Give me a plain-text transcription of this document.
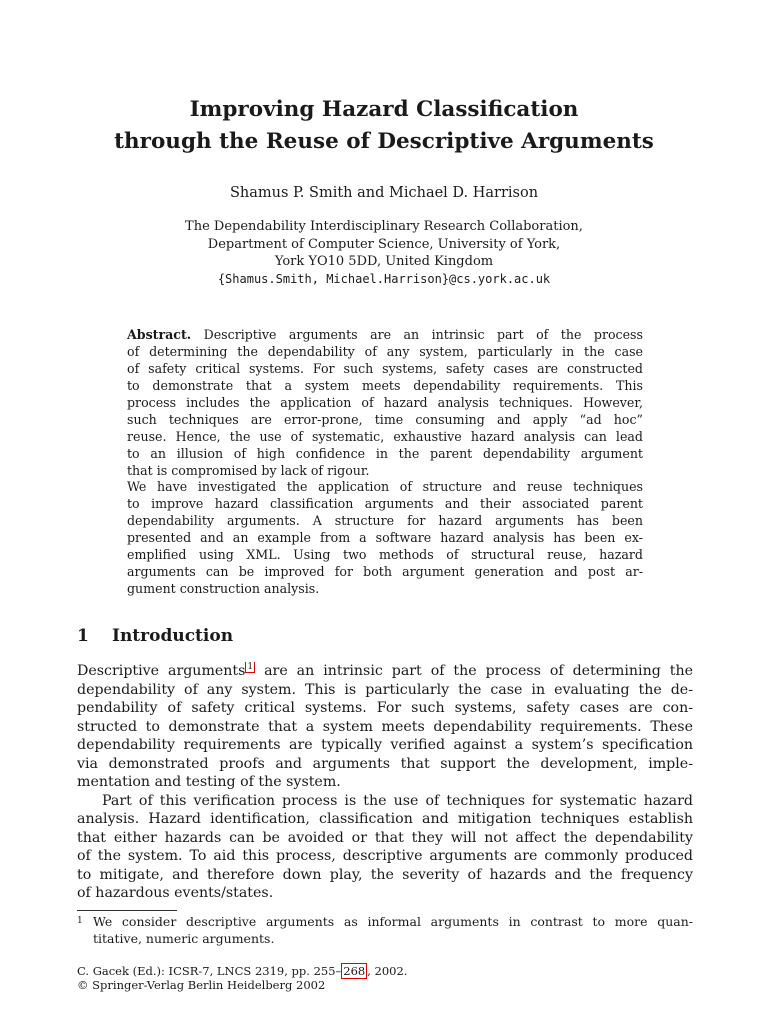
Improving Hazard Classification
through the Reuse of Descriptive Arguments
Shamus P. Smith and Michael D. Harrison
The Dependability Interdisciplinary Research Collaboration,
Department of Computer Science, University of York,
York YO10 5DD, United Kingdom
{Shamus.Smith, Michael.Harrison}@cs.york.ac.uk
Abstract. Descriptive arguments are an intrinsic part of the process
of determining the dependability of any system, particularly in the case
of safety critical systems. For such systems, safety cases are constructed
to demonstrate that a system meets dependability requirements. This
process includes the application of hazard analysis techniques. However,
such techniques are error-prone, time consuming and apply “ad hoc”
reuse. Hence, the use of systematic, exhaustive hazard analysis can lead
to an illusion of high confidence in the parent dependability argument
that is compromised by lack of rigour.
We have investigated the application of structure and reuse techniques
to improve hazard classification arguments and their associated parent
dependability arguments. A structure for hazard arguments has been
presented and an example from a software hazard analysis has been ex-
emplified using XML. Using two methods of structural reuse, hazard
arguments can be improved for both argument generation and post ar-
gument construction analysis.
1 Introduction
Descriptive arguments $^1$ are an intrinsic part of the process of determining the
dependability of any system. This is particularly the case in evaluating the de-
pendability of safety critical systems. For such systems, safety cases are con-
structed to demonstrate that a system meets dependability requirements. These
dependability requirements are typically verified against a system’s specification
via demonstrated proofs and arguments that support the development, imple-
mentation and testing of the system.
Part of this verification process is the use of techniques for systematic hazard
analysis. Hazard identification, classification and mitigation techniques establish
that either hazards can be avoided or that they will not affect the dependability
of the system. To aid this process, descriptive arguments are commonly produced
to mitigate, and therefore down play, the severity of hazards and the frequency
of hazardous events/states.
1 We consider descriptive arguments as informal arguments in contrast to more quan-
titative, numeric arguments.
C. Gacek (Ed.): ICSR-7, LNCS 2319, pp. 255– 268 , 2002.
© Springer-Verlag Berlin Heidelberg 2002
